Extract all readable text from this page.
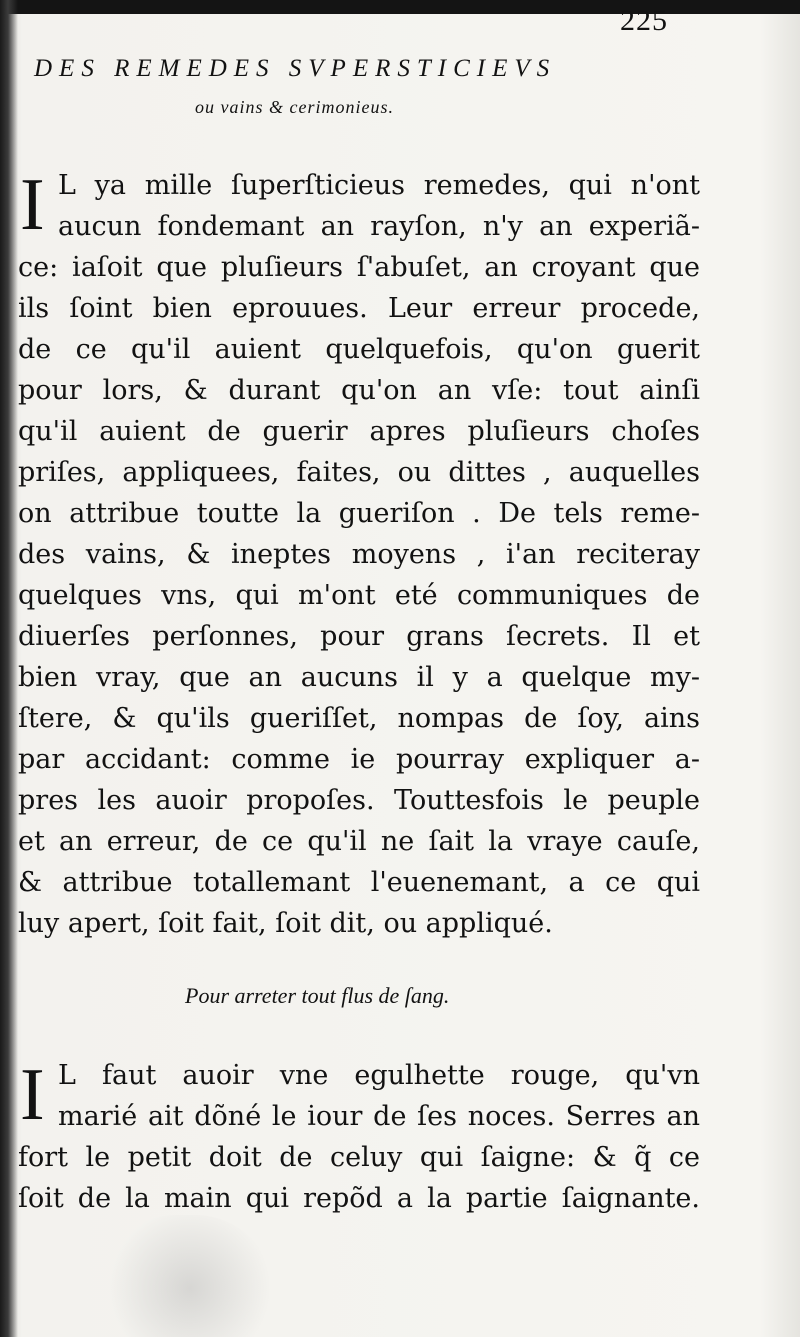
225
DES REMEDES SVPERSTICIEVS
ou vains & cerimonieus.
I L ya mille ſuperſticieus remedes, qui n'ont
aucun fondemant an rayſon, n'y an experiã-
ce: iaſoit que pluſieurs ſ'abuſet, an croyant que
ils ſoint bien eprouues. Leur erreur procede,
de ce qu'il auient quelquefois, qu'on guerit
pour lors, & durant qu'on an vſe: tout ainſi
qu'il auient de guerir apres pluſieurs choſes
priſes, appliquees, faites, ou dittes , auquelles
on attribue toutte la gueriſon . De tels reme-
des vains, & ineptes moyens , i'an reciteray
quelques vns, qui m'ont eté communiques de
diuerſes perſonnes, pour grans ſecrets. Il et
bien vray, que an aucuns il y a quelque my-
ſtere, & qu'ils gueriſſet, nompas de ſoy, ains
par accidant: comme ie pourray expliquer a-
pres les auoir propoſes. Touttesfois le peuple
et an erreur, de ce qu'il ne ſait la vraye cauſe,
& attribue totallemant l'euenemant, a ce qui
luy apert, ſoit fait, ſoit dit, ou appliqué.
Pour arreter tout flus de ſang.
I L faut auoir vne egulhette rouge, qu'vn
marié ait dõné le iour de ſes noces. Serres an
fort le petit doit de celuy qui ſaigne: & q̃ ce
ſoit de la main qui repõd a la partie ſaignante.
